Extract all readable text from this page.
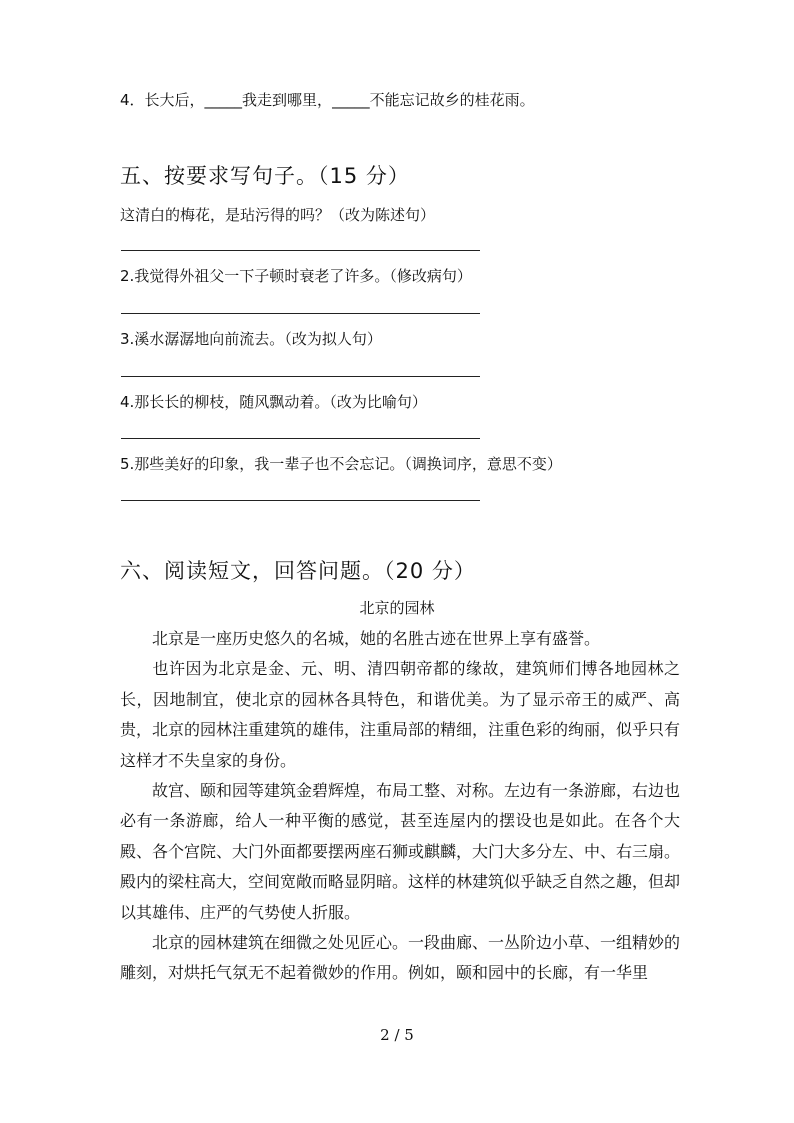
4．长大后，_____我走到哪里，_____不能忘记故乡的桂花雨。
五、按要求写句子。（15 分）
这清白的梅花，是玷污得的吗？（改为陈述句）
2.我觉得外祖父一下子顿时衰老了许多。（修改病句）
3.溪水潺潺地向前流去。（改为拟人句）
4.那长长的柳枝，随风飘动着。（改为比喻句）
5.那些美好的印象，我一辈子也不会忘记。（调换词序，意思不变）
六、阅读短文，回答问题。（20 分）
北京的园林
北京是一座历史悠久的名城，她的名胜古迹在世界上享有盛誉。
也许因为北京是金、元、明、清四朝帝都的缘故，建筑师们博各地园林之长，因地制宜，使北京的园林各具特色，和谐优美。为了显示帝王的威严、高贵，北京的园林注重建筑的雄伟，注重局部的精细，注重色彩的绚丽，似乎只有这样才不失皇家的身份。
故宫、颐和园等建筑金碧辉煌，布局工整、对称。左边有一条游廊，右边也必有一条游廊，给人一种平衡的感觉，甚至连屋内的摆设也是如此。在各个大殿、各个宫院、大门外面都要摆两座石狮或麒麟，大门大多分左、中、右三扇。殿内的梁柱高大，空间宽敞而略显阴暗。这样的林建筑似乎缺乏自然之趣，但却以其雄伟、庄严的气势使人折服。
北京的园林建筑在细微之处见匠心。一段曲廊、一丛阶边小草、一组精妙的雕刻，对烘托气氛无不起着微妙的作用。例如，颐和园中的长廊，有一华里
2 / 5
